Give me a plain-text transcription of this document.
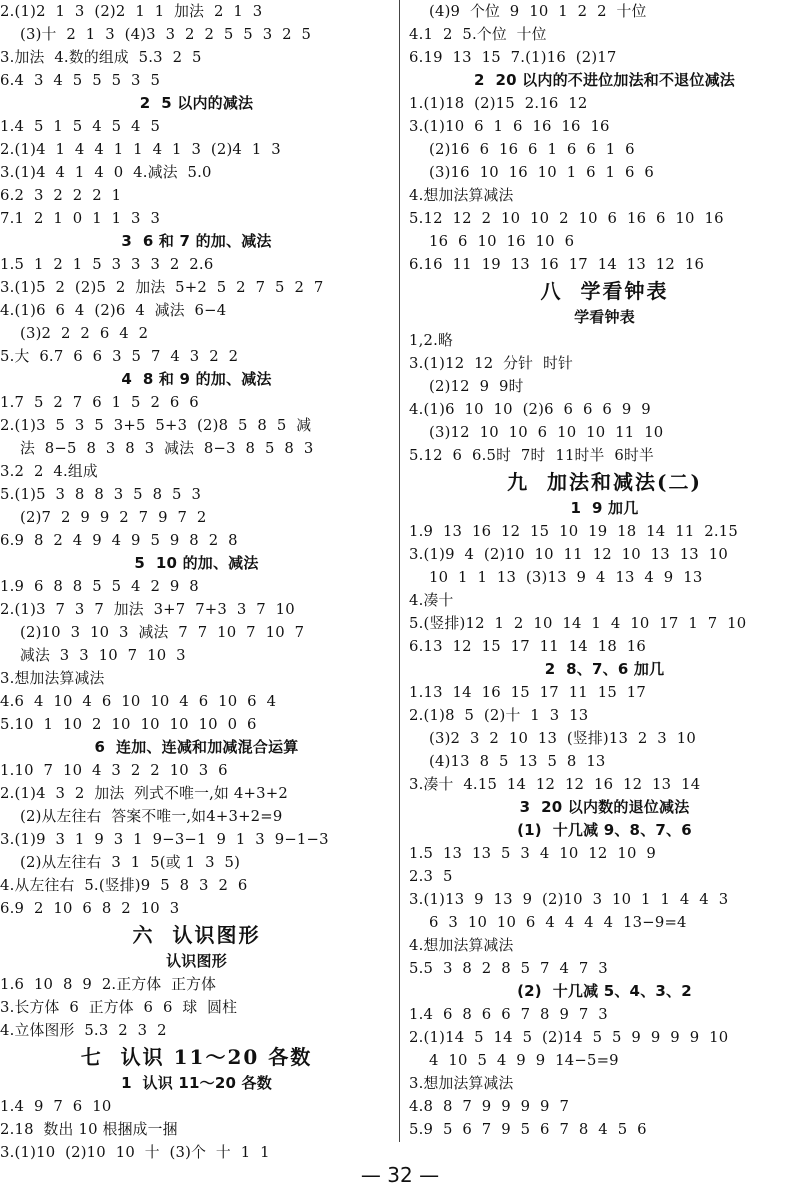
2.(1)2  1  3  (2)2  1  1  加法  2  1  3
(3)十  2  1  3  (4)3  3  2  2  5  5  3  2  5
3.加法  4.数的组成  5.3  2  5
6.4  3  4  5  5  5  3  5
2  5 以内的减法
1.4  5  1  5  4  5  4  5
2.(1)4  1  4  4  1  1  4  1  3  (2)4  1  3
3.(1)4  4  1  4  0  4.减法  5.0
6.2  3  2  2  2  1
7.1  2  1  0  1  1  3  3
3  6 和 7 的加、减法
1.5  1  2  1  5  3  3  3  2  2.6
3.(1)5  2  (2)5  2  加法  5+2  5  2  7  5  2  7
4.(1)6  6  4  (2)6  4  减法  6−4
(3)2  2  2  6  4  2
5.大  6.7  6  6  3  5  7  4  3  2  2
4  8 和 9 的加、减法
1.7  5  2  7  6  1  5  2  6  6
2.(1)3  5  3  5  3+5  5+3  (2)8  5  8  5  减
法  8−5  8  3  8  3  减法  8−3  8  5  8  3
3.2  2  4.组成
5.(1)5  3  8  8  3  5  8  5  3
(2)7  2  9  9  2  7  9  7  2
6.9  8  2  4  9  4  9  5  9  8  2  8
5  10 的加、减法
1.9  6  8  8  5  5  4  2  9  8
2.(1)3  7  3  7  加法  3+7  7+3  3  7  10
(2)10  3  10  3  减法  7  7  10  7  10  7
减法  3  3  10  7  10  3
3.想加法算减法
4.6  4  10  4  6  10  10  4  6  10  6  4
5.10  1  10  2  10  10  10  10  0  6
6  连加、连减和加减混合运算
1.10  7  10  4  3  2  2  10  3  6
2.(1)4  3  2  加法  列式不唯一,如 4+3+2
(2)从左往右  答案不唯一,如4+3+2=9
3.(1)9  3  1  9  3  1  9−3−1  9  1  3  9−1−3
(2)从左往右  3  1  5(或 1  3  5)
4.从左往右  5.(竖排)9  5  8  3  2  6
6.9  2  10  6  8  2  10  3
六  认识图形
认识图形
1.6  10  8  9  2.正方体  正方体
3.长方体  6  正方体  6  6  球  圆柱
4.立体图形  5.3  2  3  2
七  认识 11～20 各数
1  认识 11～20 各数
1.4  9  7  6  10
2.18  数出 10 根捆成一捆
3.(1)10  (2)10  10  十  (3)个  十  1  1
(4)9  个位  9  10  1  2  2  十位
4.1  2  5.个位  十位
6.19  13  15  7.(1)16  (2)17
2  20 以内的不进位加法和不退位减法
1.(1)18  (2)15  2.16  12
3.(1)10  6  1  6  16  16  16
(2)16  6  16  6  1  6  6  1  6
(3)16  10  16  10  1  6  1  6  6
4.想加法算减法
5.12  12  2  10  10  2  10  6  16  6  10  16
16  6  10  16  10  6
6.16  11  19  13  16  17  14  13  12  16
八  学看钟表
学看钟表
1,2.略
3.(1)12  12  分针  时针
(2)12  9  9时
4.(1)6  10  10  (2)6  6  6  6  9  9
(3)12  10  10  6  10  10  11  10
5.12  6  6.5时  7时  11时半  6时半
九  加法和减法(二)
1  9 加几
1.9  13  16  12  15  10  19  18  14  11  2.15
3.(1)9  4  (2)10  10  11  12  10  13  13  10
10  1  1  13  (3)13  9  4  13  4  9  13
4.凑十
5.(竖排)12  1  2  10  14  1  4  10  17  1  7  10
6.13  12  15  17  11  14  18  16
2  8、7、6 加几
1.13  14  16  15  17  11  15  17
2.(1)8  5  (2)十  1  3  13
(3)2  3  2  10  13  (竖排)13  2  3  10
(4)13  8  5  13  5  8  13
3.凑十  4.15  14  12  12  16  12  13  14
3  20 以内数的退位减法
(1)  十几减 9、8、7、6
1.5  13  13  5  3  4  10  12  10  9
2.3  5
3.(1)13  9  13  9  (2)10  3  10  1  1  4  4  3
6  3  10  10  6  4  4  4  4  13−9=4
4.想加法算减法
5.5  3  8  2  8  5  7  4  7  3
(2)  十几减 5、4、3、2
1.4  6  8  6  6  7  8  9  7  3
2.(1)14  5  14  5  (2)14  5  5  9  9  9  9  10
4  10  5  4  9  9  14−5=9
3.想加法算减法
4.8  8  7  9  9  9  9  7
5.9  5  6  7  9  5  6  7  8  4  5  6
— 32 —
